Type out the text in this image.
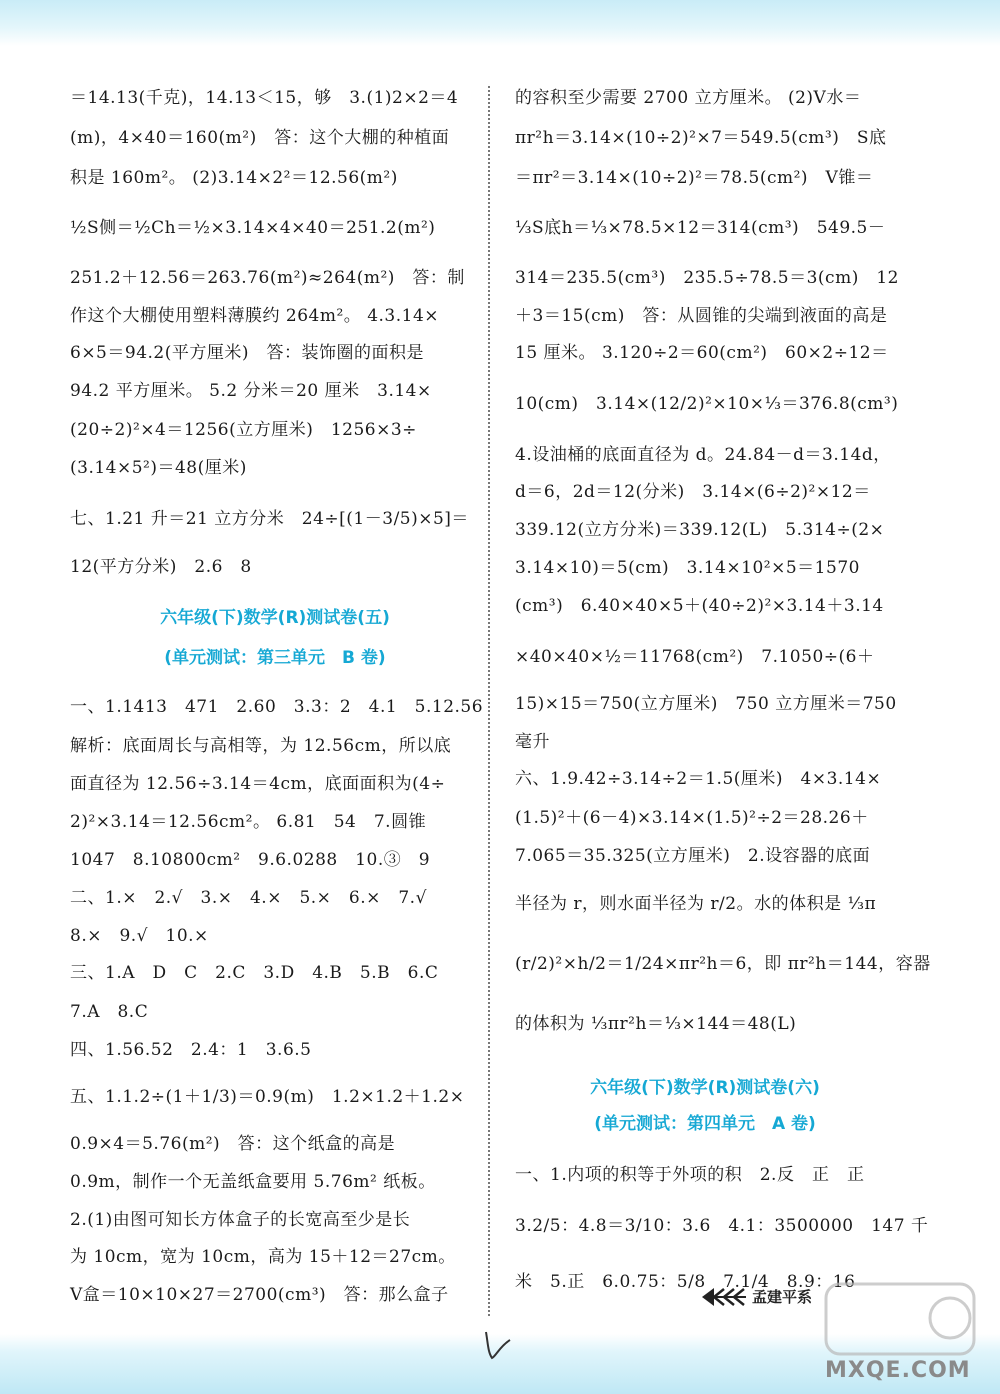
＝14.13(千克)，14.13＜15，够　3.(1)2×2＝4
(m)，4×40＝160(m²)　答：这个大棚的种植面
积是 160m²。 (2)3.14×2²＝12.56(m²)
½S侧＝½Ch＝½×3.14×4×40＝251.2(m²)
251.2＋12.56＝263.76(m²)≈264(m²)　答：制
作这个大棚使用塑料薄膜约 264m²。 4.3.14×
6×5＝94.2(平方厘米)　答：装饰圈的面积是
94.2 平方厘米。 5.2 分米＝20 厘米　3.14×
(20÷2)²×4＝1256(立方厘米)　1256×3÷
(3.14×5²)＝48(厘米)
七、1.21 升＝21 立方分米　24÷[(1－3/5)×5]＝
12(平方分米)　2.6　8
一、1.1413　471　2.60　3.3：2　4.1　5.12.56
解析：底面周长与高相等，为 12.56cm，所以底
面直径为 12.56÷3.14＝4cm，底面面积为(4÷
2)²×3.14＝12.56cm²。 6.81　54　7.圆锥
1047　8.10800cm²　9.6.0288　10.③　9
二、1.×　2.√　3.×　4.×　5.×　6.×　7.√
8.×　9.√　10.×
三、1.A　D　C　2.C　3.D　4.B　5.B　6.C
7.A　8.C
四、1.56.52　2.4：1　3.6.5
五、1.1.2÷(1＋1/3)＝0.9(m)　1.2×1.2＋1.2×
0.9×4＝5.76(m²)　答：这个纸盒的高是
0.9m，制作一个无盖纸盒要用 5.76m² 纸板。
2.(1)由图可知长方体盒子的长宽高至少是长
为 10cm，宽为 10cm，高为 15＋12＝27cm。
V盒＝10×10×27＝2700(cm³)　答：那么盒子
六年级(下)数学(R)测试卷(五)
(单元测试：第三单元　B 卷)
的容积至少需要 2700 立方厘米。 (2)V水＝
πr²h＝3.14×(10÷2)²×7＝549.5(cm³)　S底
＝πr²＝3.14×(10÷2)²＝78.5(cm²)　V锥＝
⅓S底h＝⅓×78.5×12＝314(cm³)　549.5－
314＝235.5(cm³)　235.5÷78.5＝3(cm)　12
＋3＝15(cm)　答：从圆锥的尖端到液面的高是
15 厘米。 3.120÷2＝60(cm²)　60×2÷12＝
10(cm)　3.14×(12/2)²×10×⅓＝376.8(cm³)
4.设油桶的底面直径为 d。24.84－d＝3.14d，
d＝6，2d＝12(分米)　3.14×(6÷2)²×12＝
339.12(立方分米)＝339.12(L)　5.314÷(2×
3.14×10)＝5(cm)　3.14×10²×5＝1570
(cm³)　6.40×40×5＋(40÷2)²×3.14＋3.14
×40×40×½＝11768(cm²)　7.1050÷(6＋
15)×15＝750(立方厘米)　750 立方厘米＝750
毫升
六、1.9.42÷3.14÷2＝1.5(厘米)　4×3.14×
(1.5)²＋(6－4)×3.14×(1.5)²÷2＝28.26＋
7.065＝35.325(立方厘米)　2.设容器的底面
半径为 r，则水面半径为 r/2。水的体积是 ⅓π
(r/2)²×h/2＝1/24×πr²h＝6，即 πr²h＝144，容器
的体积为 ⅓πr²h＝⅓×144＝48(L)
一、1.内项的积等于外项的积　2.反　正　正
3.2/5：4.8＝3/10：3.6　4.1：3500000　147 千
米　5.正　6.0.75：5/8　7.1/4　8.9：16
六年级(下)数学(R)测试卷(六)
(单元测试：第四单元　A 卷)
孟建平系
MXQE.COM
